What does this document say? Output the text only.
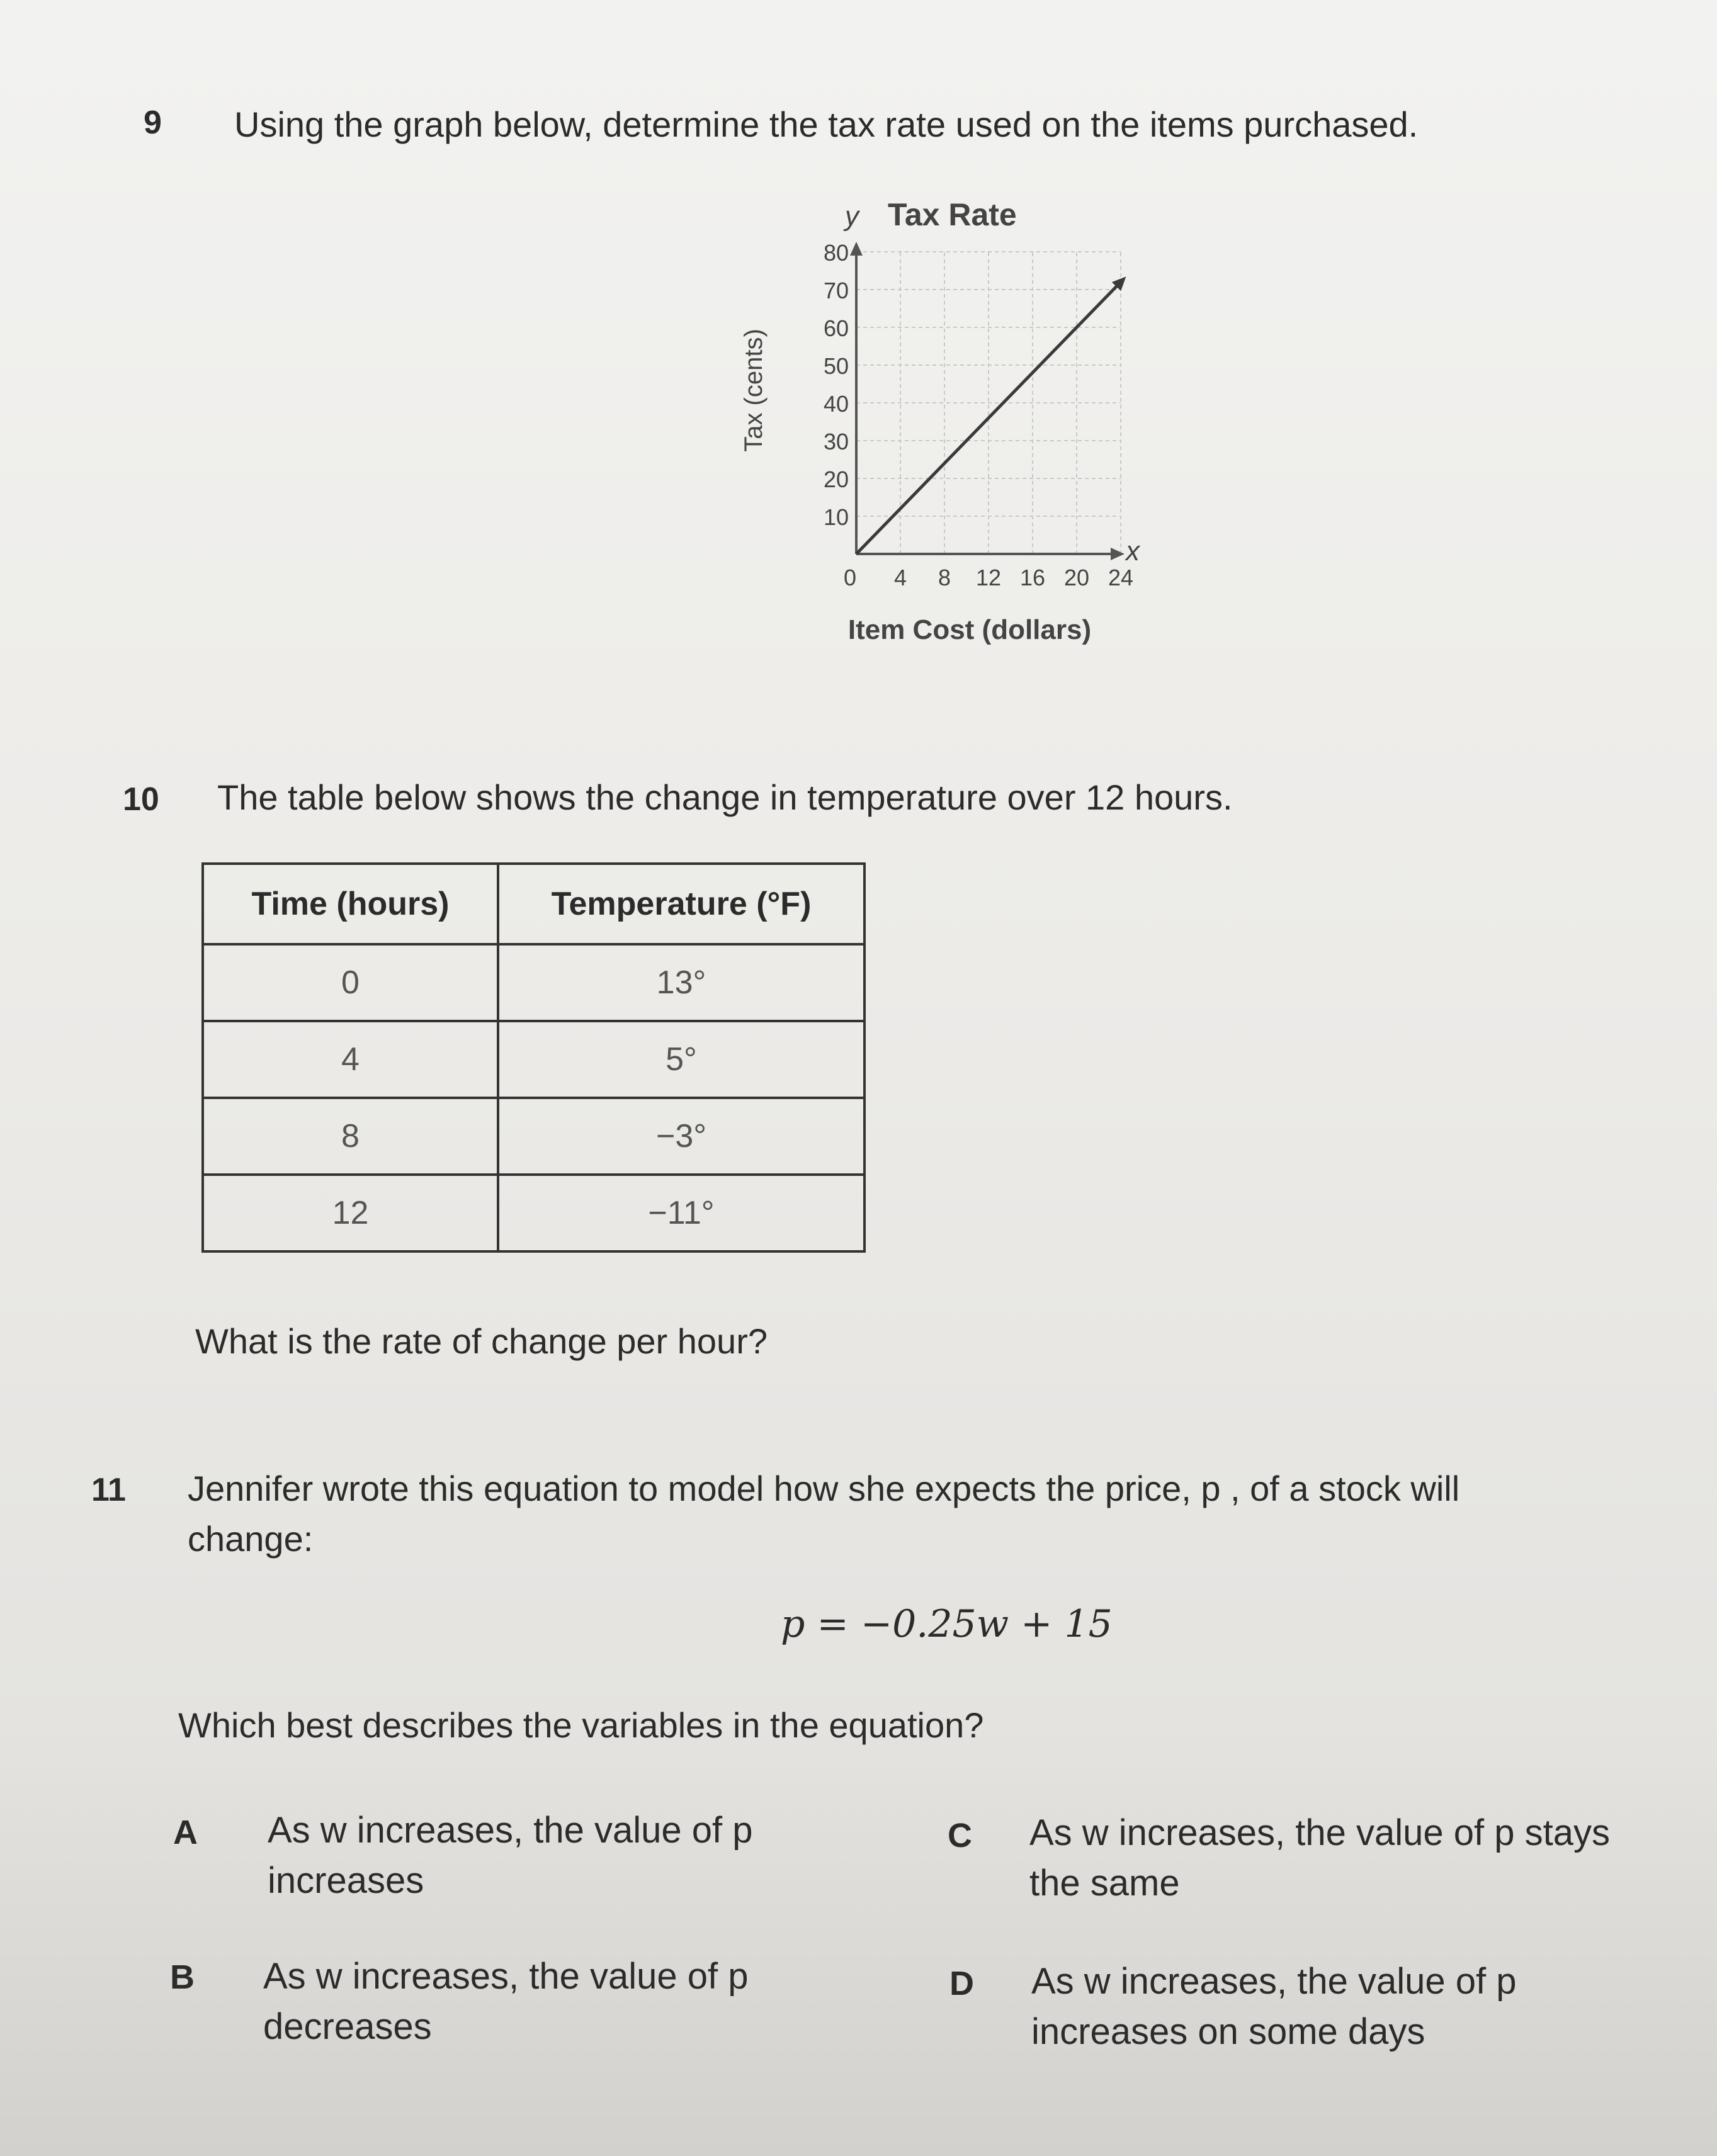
9 Using the graph below, determine the tax rate used on the items purchased.
Tax Rate
y
x
10
20
30
40
50
60
70
80
0 4 8 12 16 20 24
Tax (cents)
Item Cost (dollars)
10 The table below shows the change in temperature over 12 hours.
Time (hours)	Temperature (°F)
0	13°
4	5°
8	−3°
12	−11°
What is the rate of change per hour?
11 Jennifer wrote this equation to model how she expects the price, p , of a stock will
change:
p = −0.25w + 15
Which best describes the variables in the equation?
A As w increases, the value of p
increases
B As w increases, the value of p
decreases
C As w increases, the value of p stays
the same
D As w increases, the value of p
increases on some days
